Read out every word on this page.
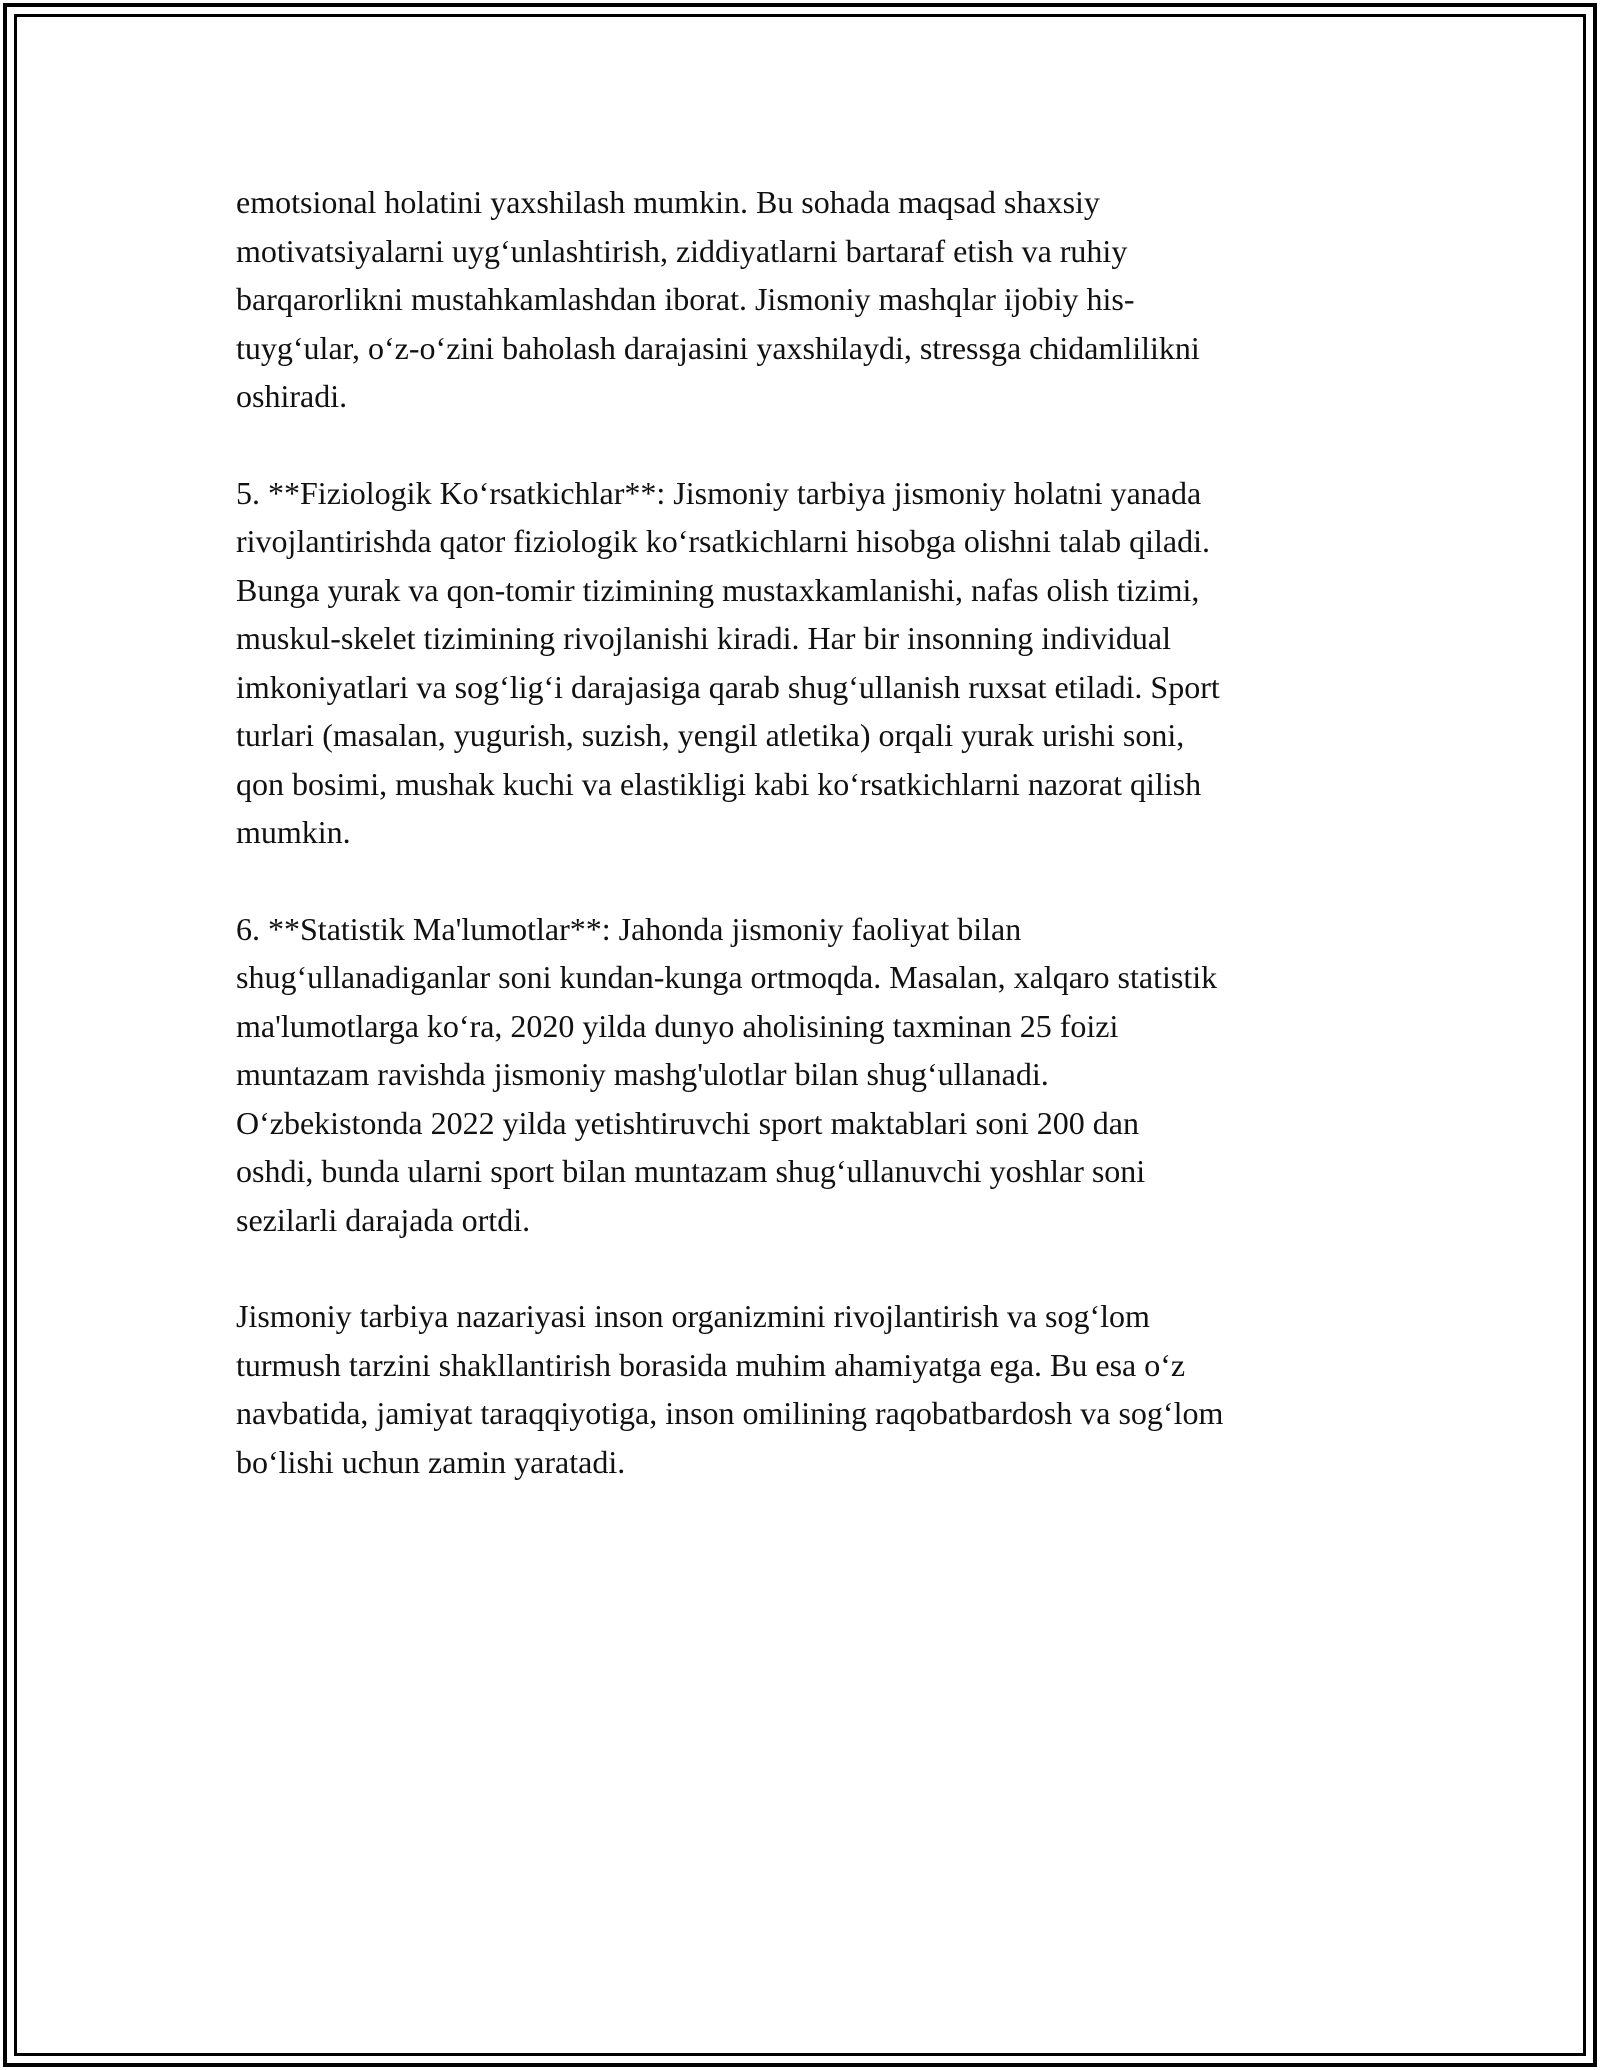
emotsional holatini yaxshilash mumkin. Bu sohada maqsad shaxsiy
motivatsiyalarni uyg‘unlashtirish, ziddiyatlarni bartaraf etish va ruhiy
barqarorlikni mustahkamlashdan iborat. Jismoniy mashqlar ijobiy his-
tuyg‘ular, o‘z-o‘zini baholash darajasini yaxshilaydi, stressga chidamlilikni
oshiradi.

5. **Fiziologik Ko‘rsatkichlar**: Jismoniy tarbiya jismoniy holatni yanada
rivojlantirishda qator fiziologik ko‘rsatkichlarni hisobga olishni talab qiladi.
Bunga yurak va qon-tomir tizimining mustaxkamlanishi, nafas olish tizimi,
muskul-skelet tizimining rivojlanishi kiradi. Har bir insonning individual
imkoniyatlari va sog‘lig‘i darajasiga qarab shug‘ullanish ruxsat etiladi. Sport
turlari (masalan, yugurish, suzish, yengil atletika) orqali yurak urishi soni,
qon bosimi, mushak kuchi va elastikligi kabi ko‘rsatkichlarni nazorat qilish
mumkin.

6. **Statistik Ma'lumotlar**: Jahonda jismoniy faoliyat bilan
shug‘ullanadiganlar soni kundan-kunga ortmoqda. Masalan, xalqaro statistik
ma'lumotlarga ko‘ra, 2020 yilda dunyo aholisining taxminan 25 foizi
muntazam ravishda jismoniy mashg'ulotlar bilan shug‘ullanadi.
O‘zbekistonda 2022 yilda yetishtiruvchi sport maktablari soni 200 dan
oshdi, bunda ularni sport bilan muntazam shug‘ullanuvchi yoshlar soni
sezilarli darajada ortdi.

Jismoniy tarbiya nazariyasi inson organizmini rivojlantirish va sog‘lom
turmush tarzini shakllantirish borasida muhim ahamiyatga ega. Bu esa o‘z
navbatida, jamiyat taraqqiyotiga, inson omilining raqobatbardosh va sog‘lom
bo‘lishi uchun zamin yaratadi.
